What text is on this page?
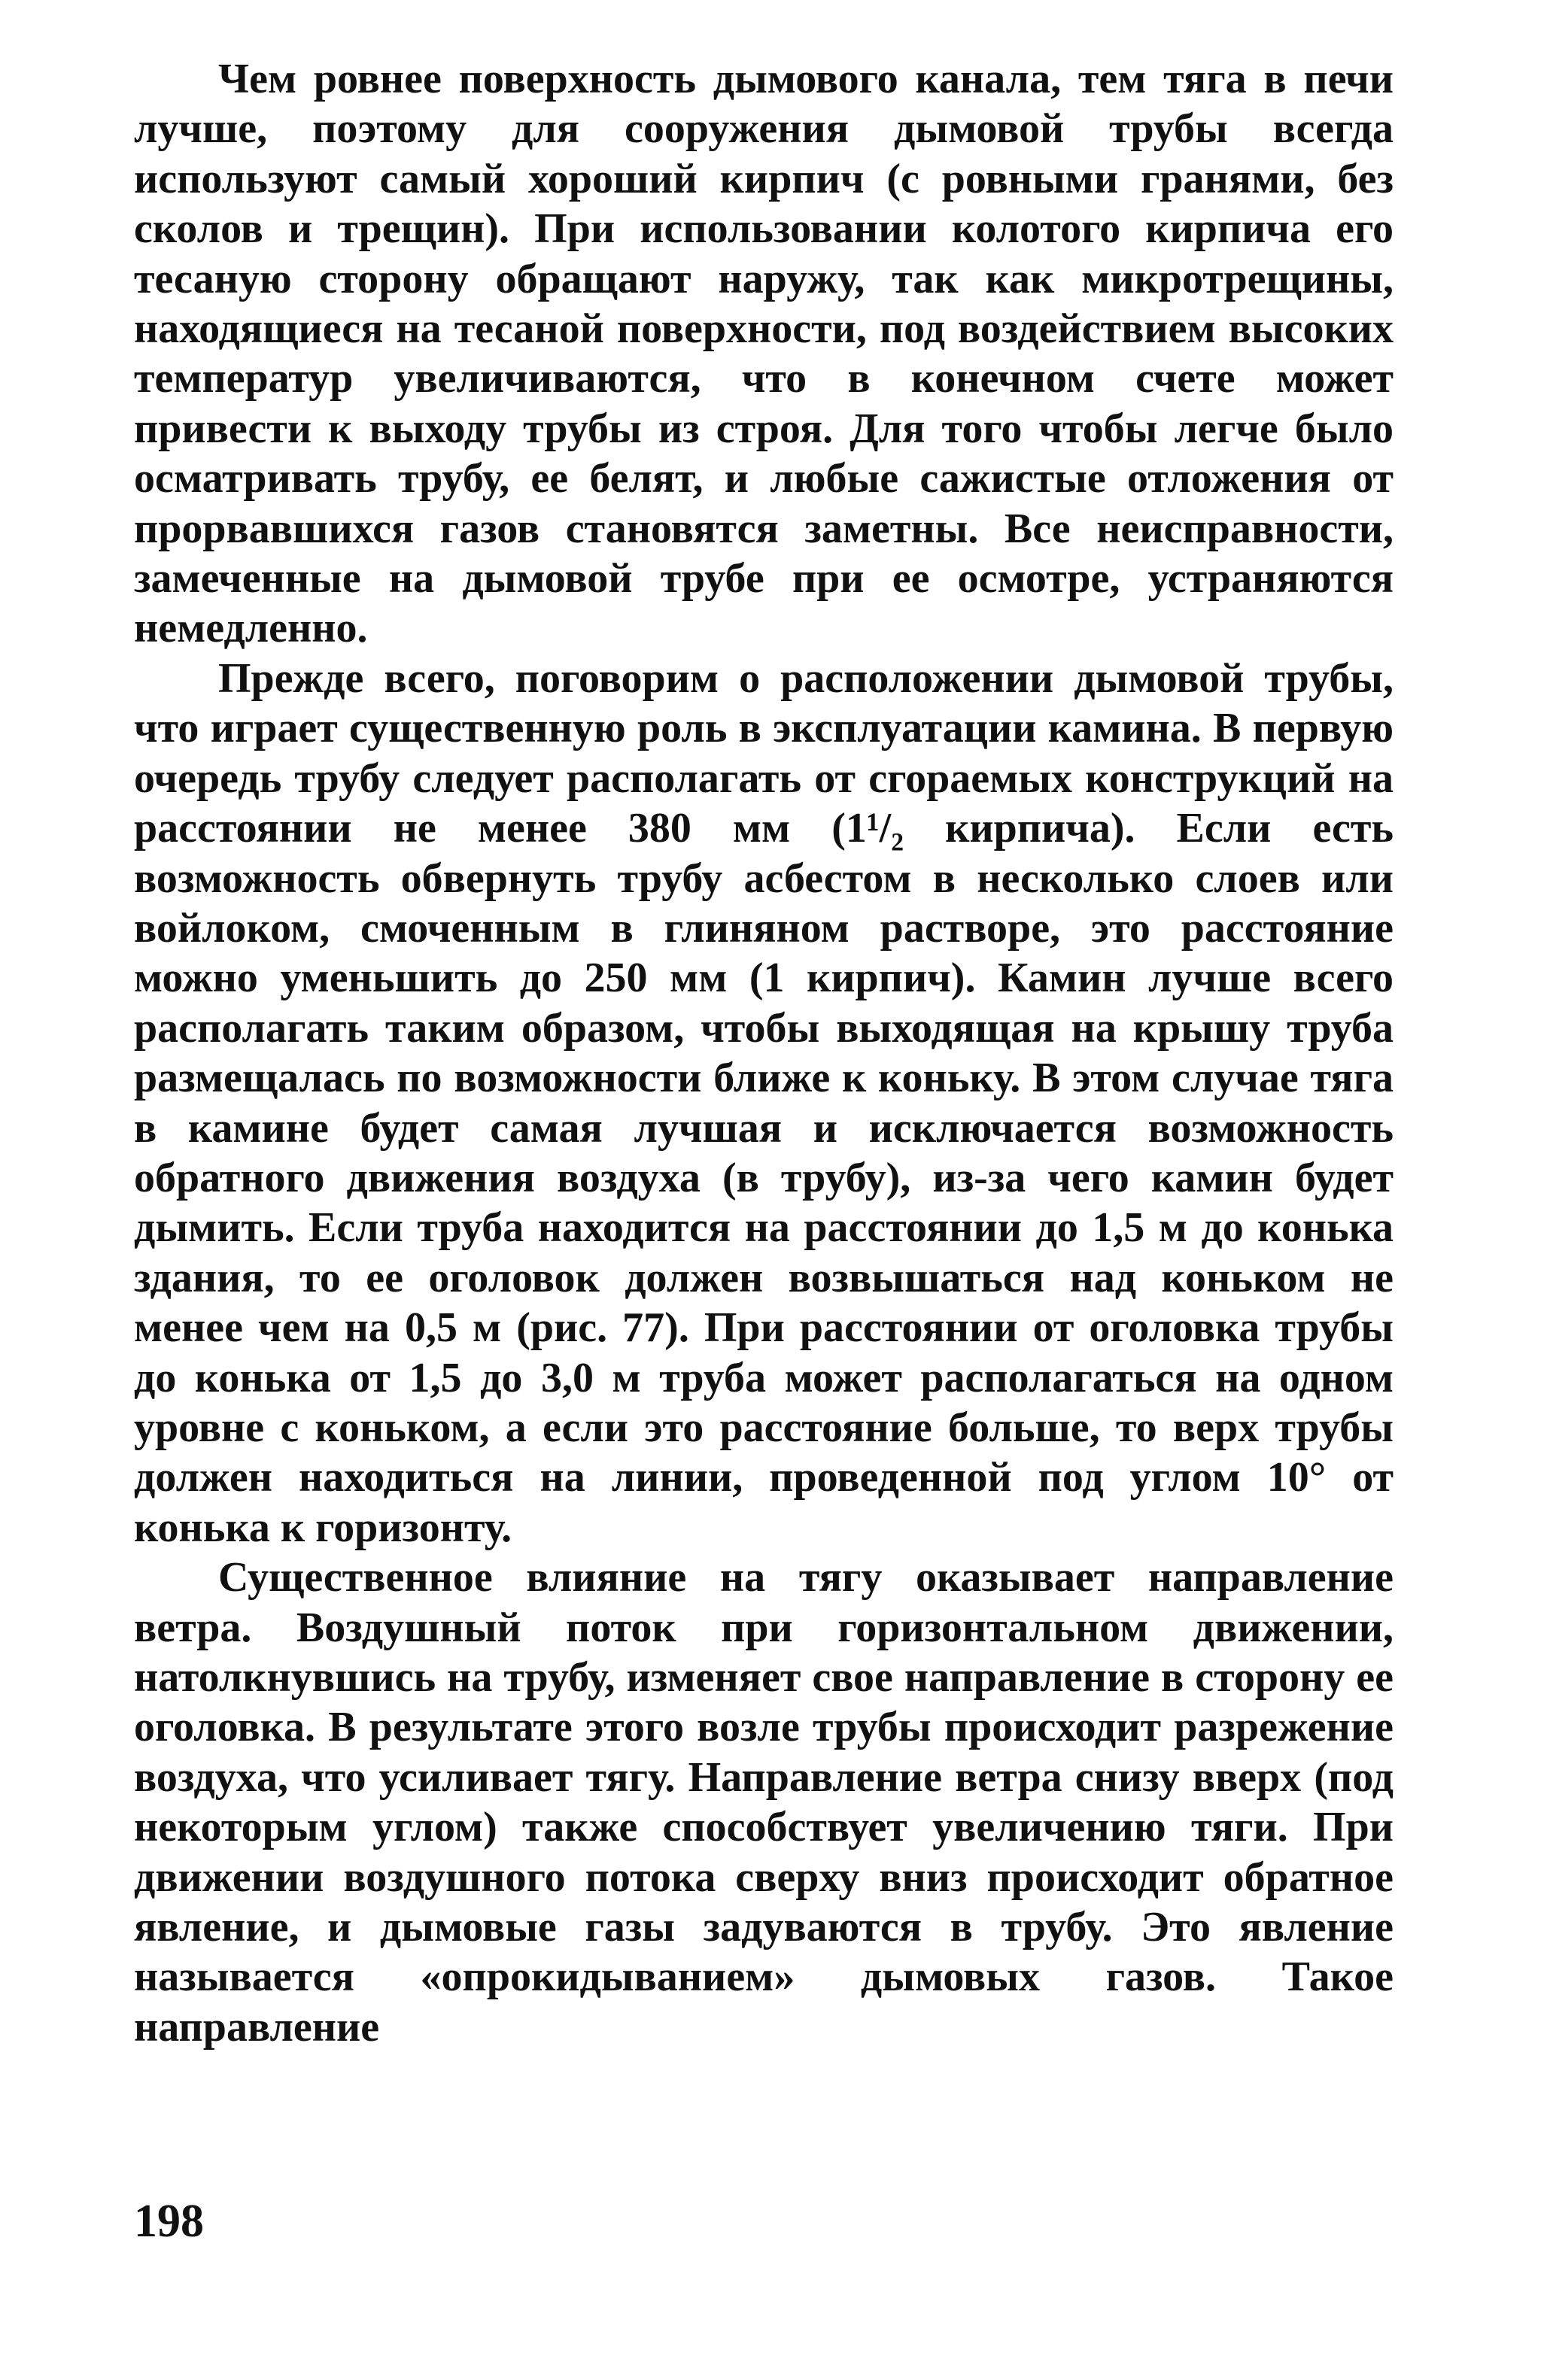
Чем ровнее поверхность дымового канала, тем тяга в печи лучше, поэтому для сооружения дымовой трубы всегда используют самый хороший кирпич (с ровными гранями, без сколов и трещин). При использовании колотого кирпича его тесаную сторону обращают наружу, так как микротрещины, находящиеся на тесаной поверхности, под воздействием высоких температур увеличиваются, что в конечном счете может привести к выходу трубы из строя. Для того чтобы легче было осматривать трубу, ее белят, и любые сажистые отложения от прорвавшихся газов становятся заметны. Все неисправности, замеченные на дымовой трубе при ее осмотре, устраняются немедленно.

Прежде всего, поговорим о расположении дымовой трубы, что играет существенную роль в эксплуатации камина. В первую очередь трубу следует располагать от сгораемых конструкций на расстоянии не менее 380 мм (1¹/₂ кирпича). Если есть возможность обвернуть трубу асбестом в несколько слоев или войлоком, смоченным в глиняном растворе, это расстояние можно уменьшить до 250 мм (1 кирпич). Камин лучше всего располагать таким образом, чтобы выходящая на крышу труба размещалась по возможности ближе к коньку. В этом случае тяга в камине будет самая лучшая и исключается возможность обратного движения воздуха (в трубу), из-за чего камин будет дымить. Если труба находится на расстоянии до 1,5 м до конька здания, то ее оголовок должен возвышаться над коньком не менее чем на 0,5 м (рис. 77). При расстоянии от оголовка трубы до конька от 1,5 до 3,0 м труба может располагаться на одном уровне с коньком, а если это расстояние больше, то верх трубы должен находиться на линии, проведенной под углом 10° от конька к горизонту.

Существенное влияние на тягу оказывает направление ветра. Воздушный поток при горизонтальном движении, натолкнувшись на трубу, изменяет свое направление в сторону ее оголовка. В результате этого возле трубы происходит разрежение воздуха, что усиливает тягу. Направление ветра снизу вверх (под некоторым углом) также способствует увеличению тяги. При движении воздушного потока сверху вниз происходит обратное явление, и дымовые газы задуваются в трубу. Это явление называется «опрокидыванием» дымовых газов. Такое направление

198
